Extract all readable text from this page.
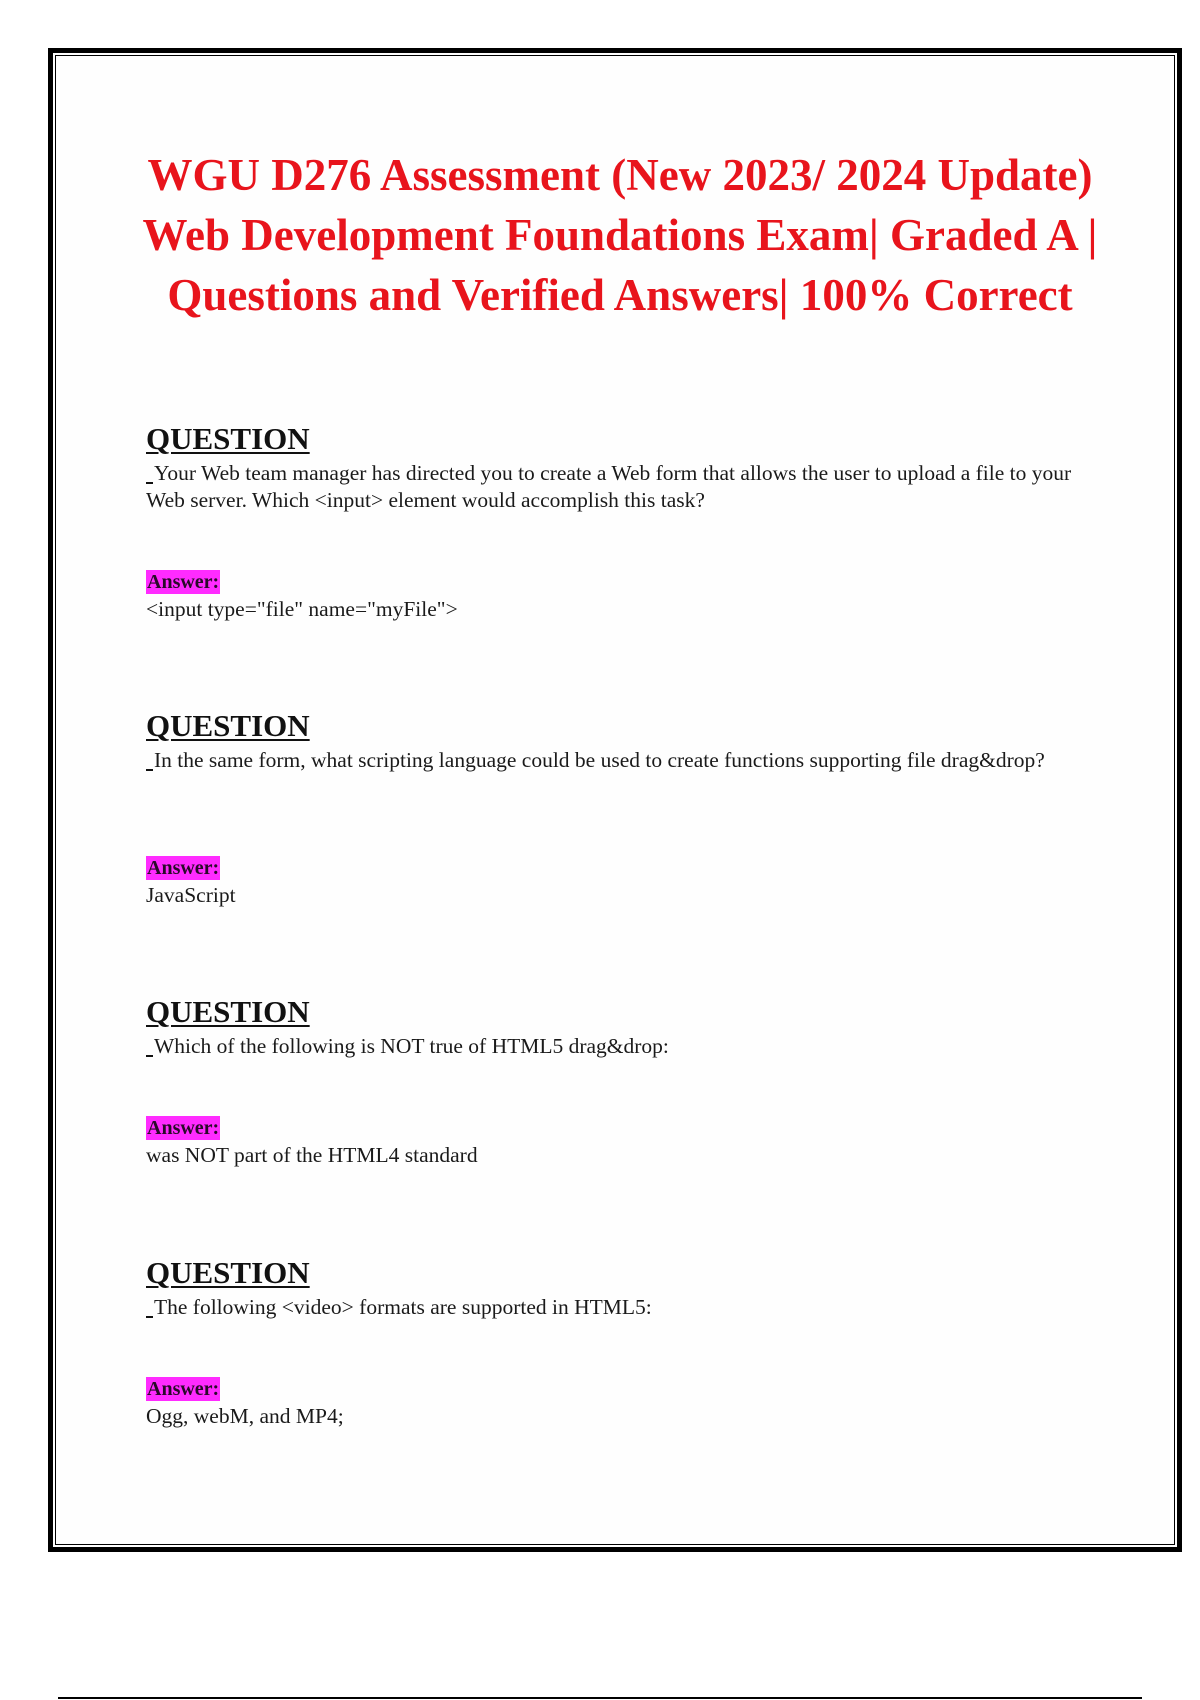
WGU D276 Assessment (New 2023/ 2024 Update) Web Development Foundations Exam| Graded A | Questions and Verified Answers| 100% Correct
QUESTION
Your Web team manager has directed you to create a Web form that allows the user to upload a file to your Web server. Which <input> element would accomplish this task?
Answer:
<input type="file" name="myFile">
QUESTION
In the same form, what scripting language could be used to create functions supporting file drag&drop?
Answer:
JavaScript
QUESTION
Which of the following is NOT true of HTML5 drag&drop:
Answer:
was NOT part of the HTML4 standard
QUESTION
The following <video> formats are supported in HTML5:
Answer:
Ogg, webM, and MP4;
